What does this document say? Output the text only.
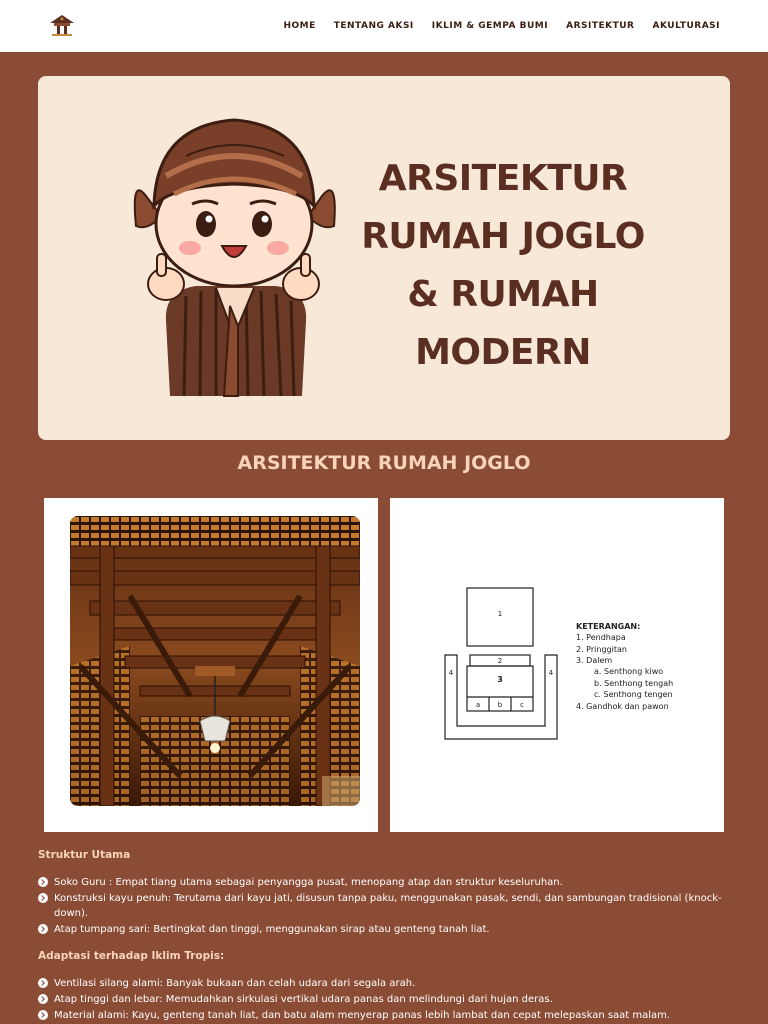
HOME TENTANG AKSI IKLIM & GEMPA BUMI ARSITEKTUR AKULTURASI
ARSITEKTUR
RUMAH JOGLO
& RUMAH
MODERN
ARSITEKTUR RUMAH JOGLO
1
2
3
4	4
a	b	c
KETERANGAN:
1. Pendhapa
2. Pringgitan
3. Dalem
a. Senthong kiwo
b. Senthong tengah
c. Senthong tengen
4. Gandhok dan pawon
Struktur Utama
Soko Guru : Empat tiang utama sebagai penyangga pusat, menopang atap dan struktur keseluruhan.
Konstruksi kayu penuh: Terutama dari kayu jati, disusun tanpa paku, menggunakan pasak, sendi, dan sambungan tradisional (knock-down).
Atap tumpang sari: Bertingkat dan tinggi, menggunakan sirap atau genteng tanah liat.
Adaptasi terhadap Iklim Tropis:
Ventilasi silang alami: Banyak bukaan dan celah udara dari segala arah.
Atap tinggi dan lebar: Memudahkan sirkulasi vertikal udara panas dan melindungi dari hujan deras.
Material alami: Kayu, genteng tanah liat, dan batu alam menyerap panas lebih lambat dan cepat melepaskan saat malam.
